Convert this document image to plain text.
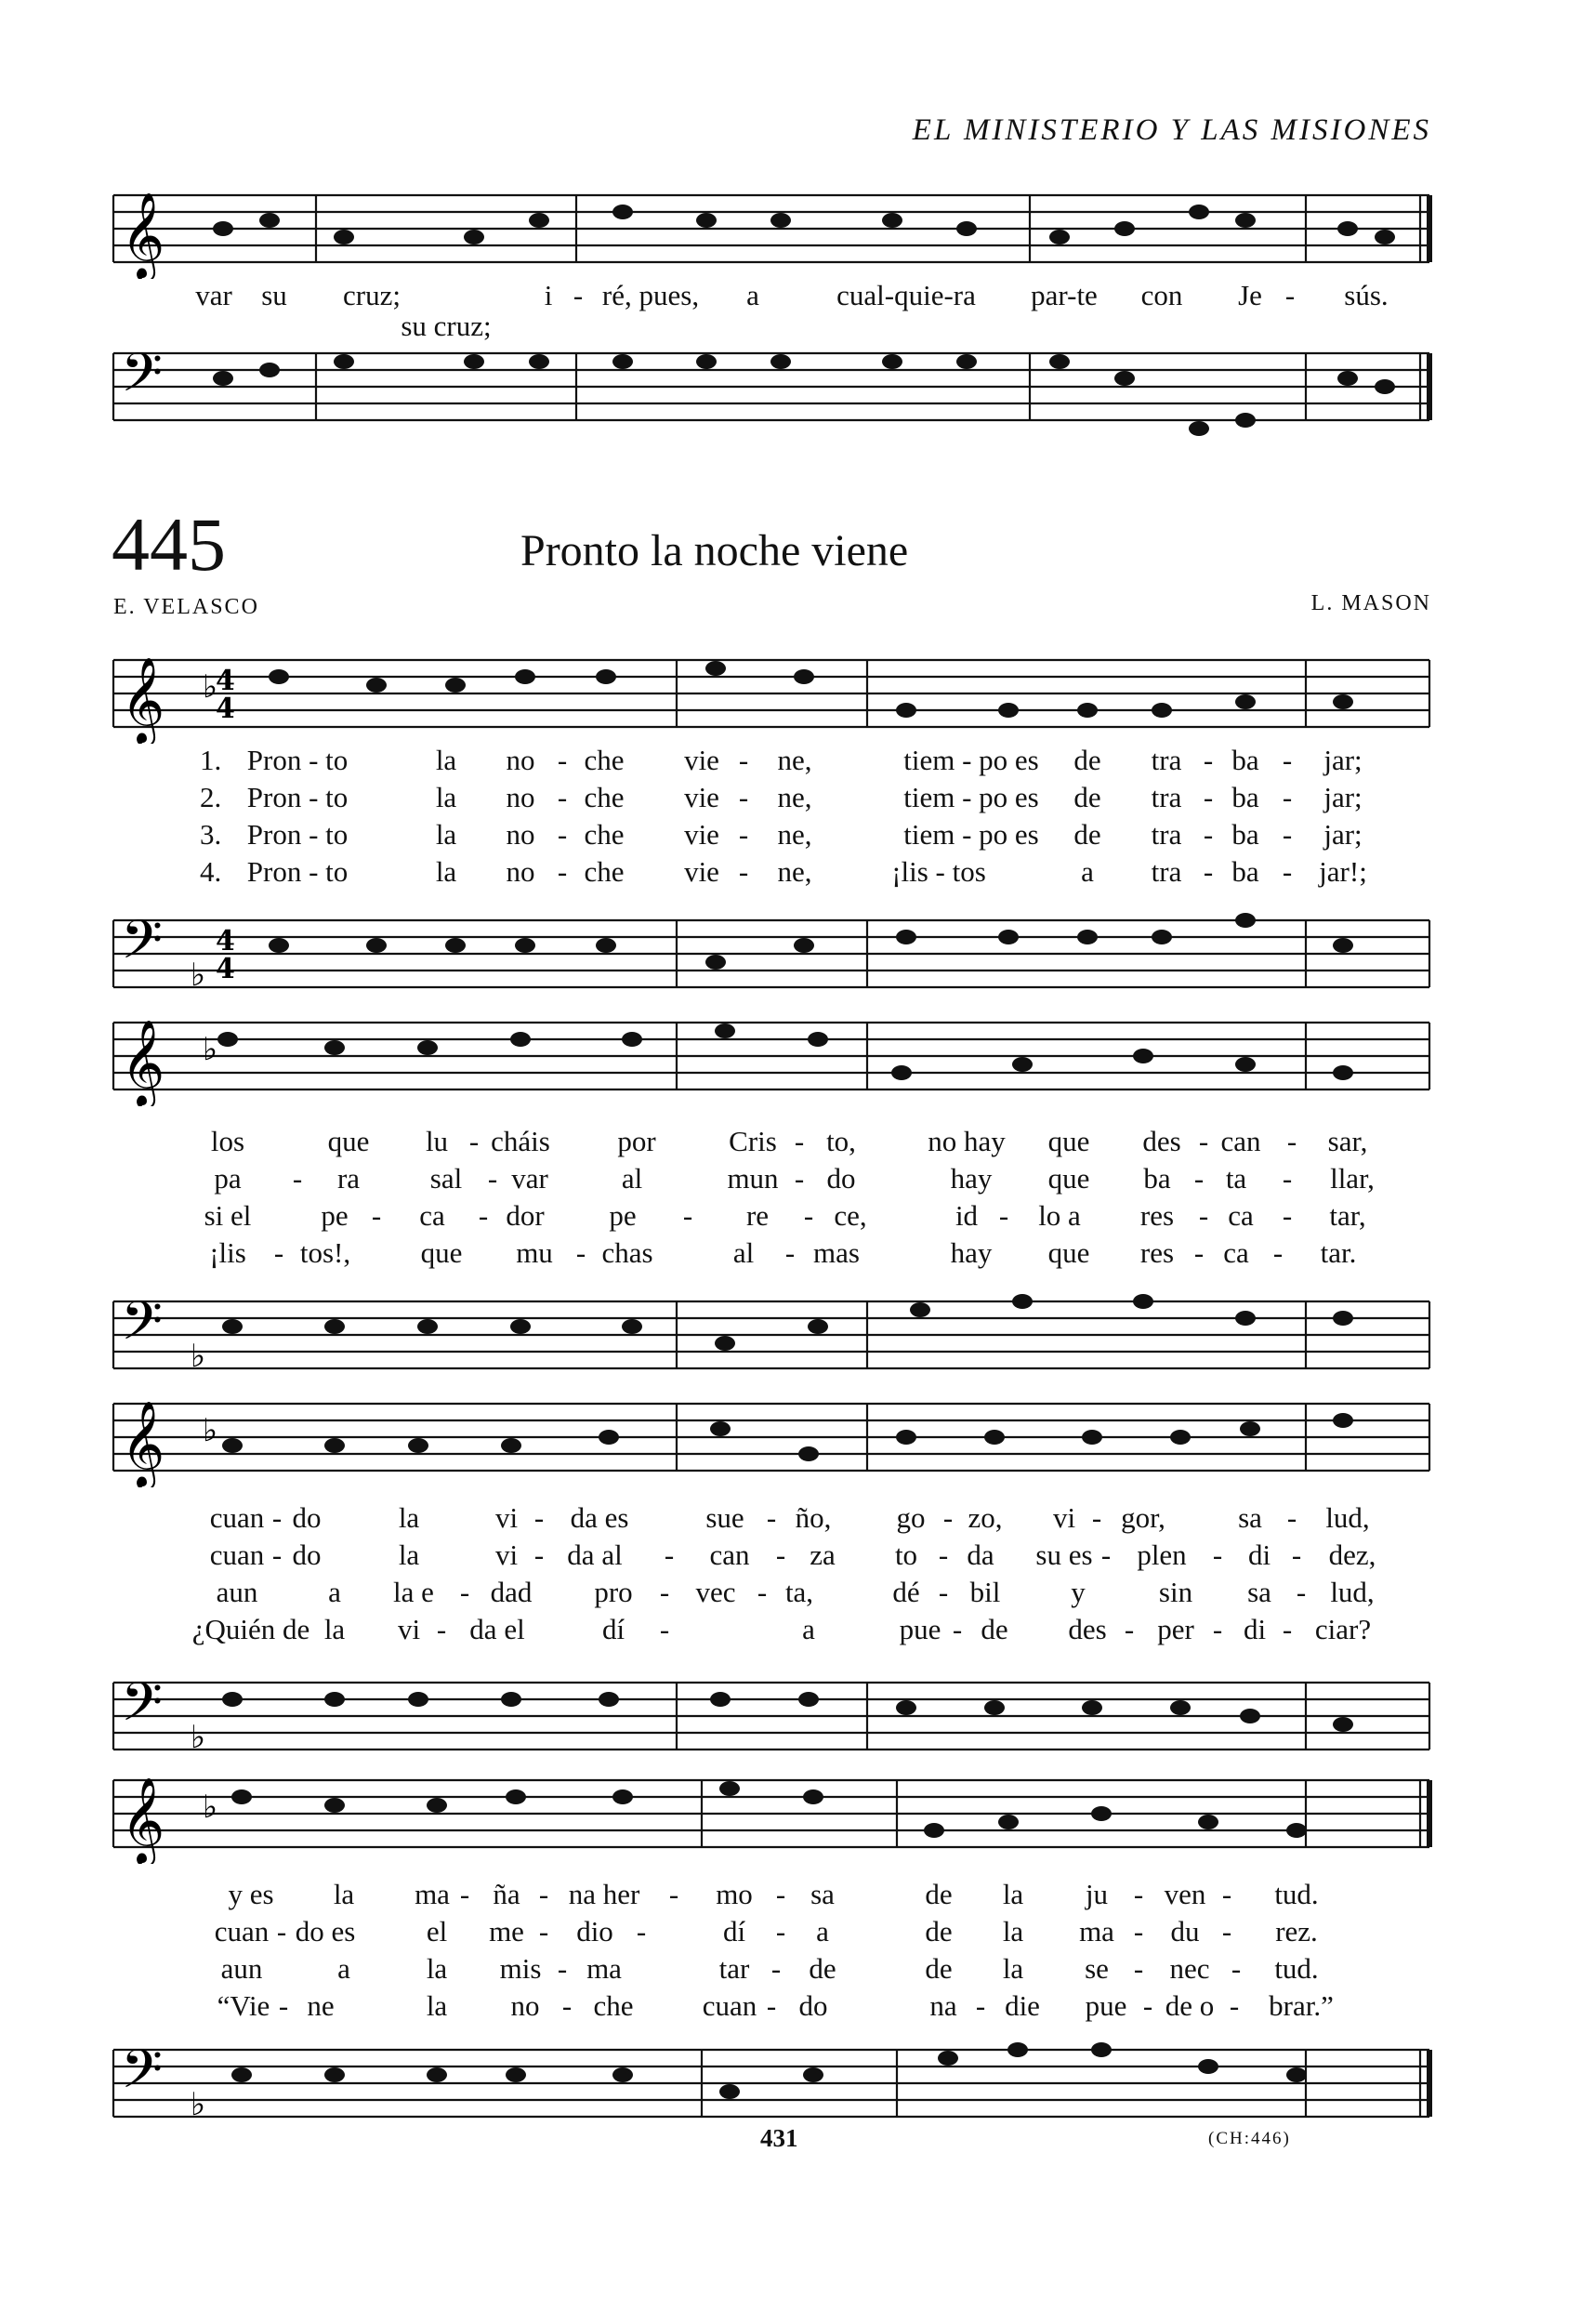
EL MINISTERIO Y LAS MISIONES
𝄞
var su cruz;	i - ré, pues, a	cual-quie-ra par-te con Je - sús.
su cruz;
𝄢
445	Pronto la noche viene
E. VELASCO	L. MASON
𝄞 ♭
4
4
1. Pron - to	la no - che vie - ne,	tiem - po es de tra - ba - jar;
2. Pron - to	la no - che vie - ne,	tiem - po es de tra - ba - jar;
3. Pron - to	la no - che vie - ne,	tiem - po es de tra - ba - jar;
4. Pron - to	la no - che vie - ne,	¡lis - tos	a tra - ba - jar!;
𝄢 ♭
4
4
𝄞 ♭
los	que lu - cháis por	Cris - to, no hay que des - can - sar,
pa - ra sal - var	al	mun - do	hay que ba - ta - llar,
si el pe - ca - dor pe - re - ce,	id - lo a res - ca - tar,
¡lis - tos!, que mu - chas	al - mas	hay que res - ca - tar.
𝄢 ♭
𝄞 ♭
cuan - do	la	vi - da es	sue - ño, go - zo, vi - gor,	sa - lud,
cuan - do	la	vi - da al - can - za to - da su es - plen - di - dez,
aun a la e - dad pro - vec - ta,	dé - bil y	sin sa - lud,
¿Quién de la vi - da el	dí -	a	pue - de des - per - di - ciar?
𝄢 ♭
𝄞 ♭
y es la ma - ña - na her - mo - sa	de la ju - ven - tud.
cuan - do es el me - dio -	dí - a	de la ma - du - rez.
aun	a	la mis - ma	tar - de	de la se - nec - tud.
“Vie - ne	la no - che cuan - do	na - die pue - de o - brar.”
𝄢 ♭
431	(CH:446)
